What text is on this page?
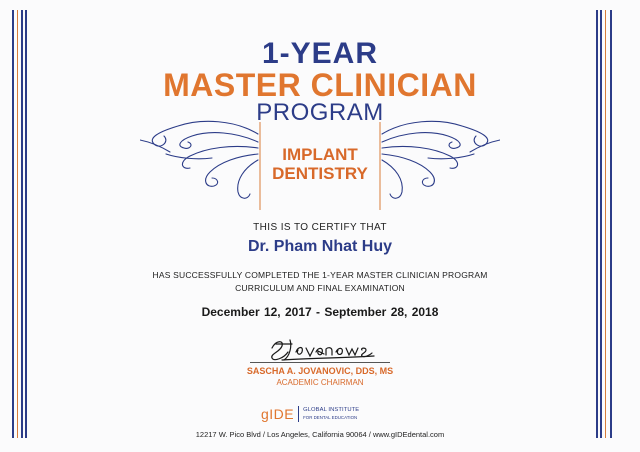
1-YEAR
MASTER CLINICIAN
PROGRAM
IMPLANT
DENTISTRY
THIS IS TO CERTIFY THAT
Dr. Pham Nhat Huy
HAS SUCCESSFULLY COMPLETED THE 1-YEAR MASTER CLINICIAN PROGRAM
CURRICULUM AND FINAL EXAMINATION
December 12, 2017 - September 28, 2018
SASCHA A. JOVANOVIC, DDS, MS
ACADEMIC CHAIRMAN
gIDE GLOBAL INSTITUTE
FOR DENTAL EDUCATION
12217 W. Pico Blvd / Los Angeles, California 90064 / www.gIDEdental.com
